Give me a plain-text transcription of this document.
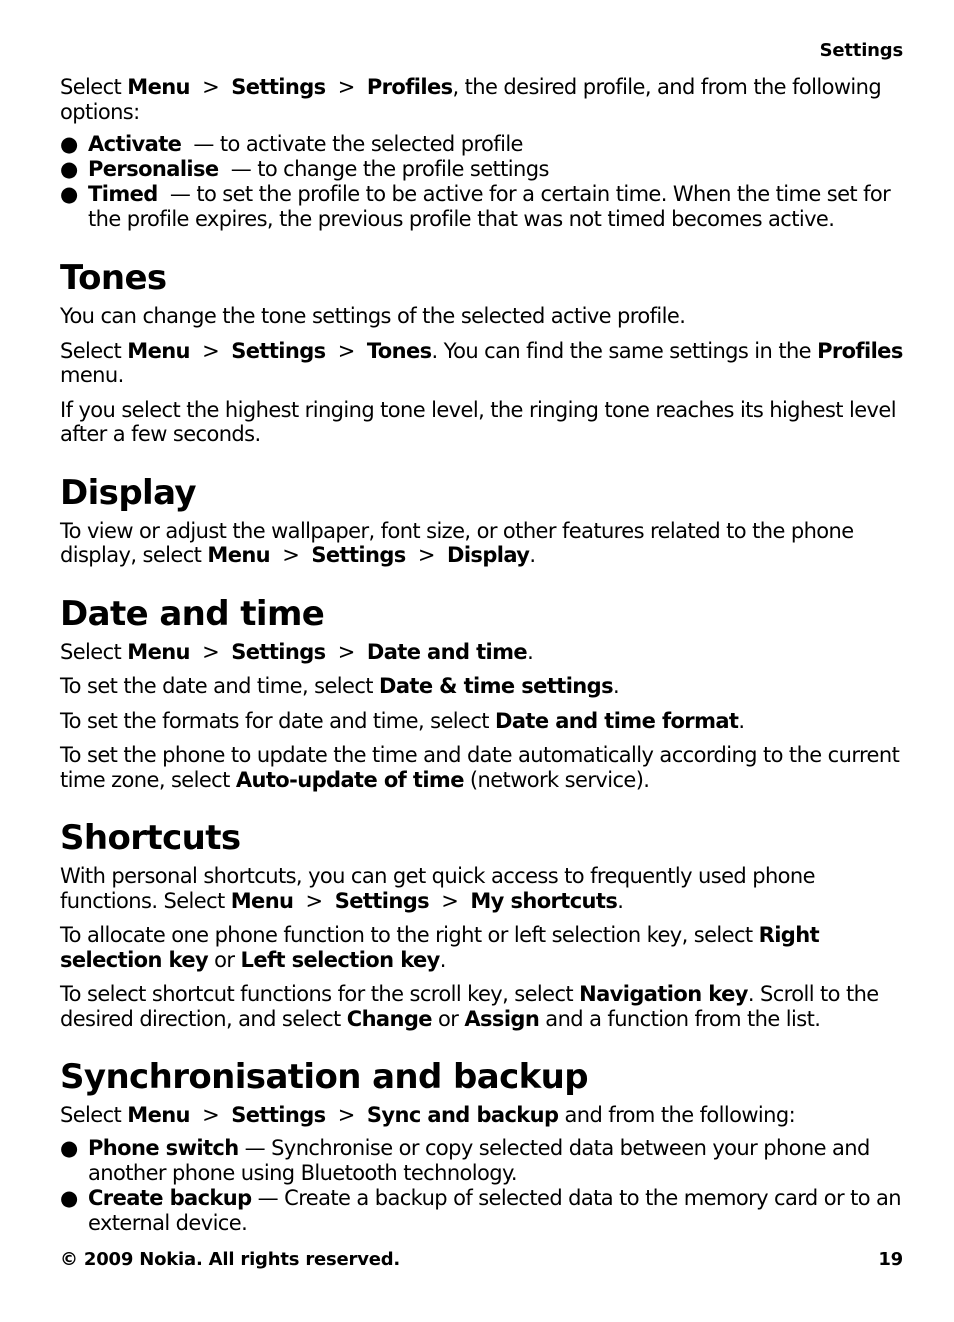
Settings

Select Menu > Settings > Profiles, the desired profile, and from the following options:

● Activate  — to activate the selected profile
● Personalise  — to change the profile settings
● Timed  — to set the profile to be active for a certain time. When the time set for the profile expires, the previous profile that was not timed becomes active.
Tones

You can change the tone settings of the selected active profile.

Select Menu > Settings > Tones. You can find the same settings in the Profiles menu.

If you select the highest ringing tone level, the ringing tone reaches its highest level after a few seconds.

Display

To view or adjust the wallpaper, font size, or other features related to the phone display, select Menu > Settings > Display.

Date and time

Select Menu > Settings > Date and time.

To set the date and time, select Date & time settings.

To set the formats for date and time, select Date and time format.

To set the phone to update the time and date automatically according to the current time zone, select Auto-update of time (network service).

Shortcuts

With personal shortcuts, you can get quick access to frequently used phone functions. Select Menu > Settings > My shortcuts.

To allocate one phone function to the right or left selection key, select Right selection key or Left selection key.

To select shortcut functions for the scroll key, select Navigation key. Scroll to the desired direction, and select Change or Assign and a function from the list.

Synchronisation and backup

Select Menu > Settings > Sync and backup and from the following:

● Phone switch — Synchronise or copy selected data between your phone and another phone using Bluetooth technology.
● Create backup — Create a backup of selected data to the memory card or to an external device.
© 2009 Nokia. All rights reserved.	19
